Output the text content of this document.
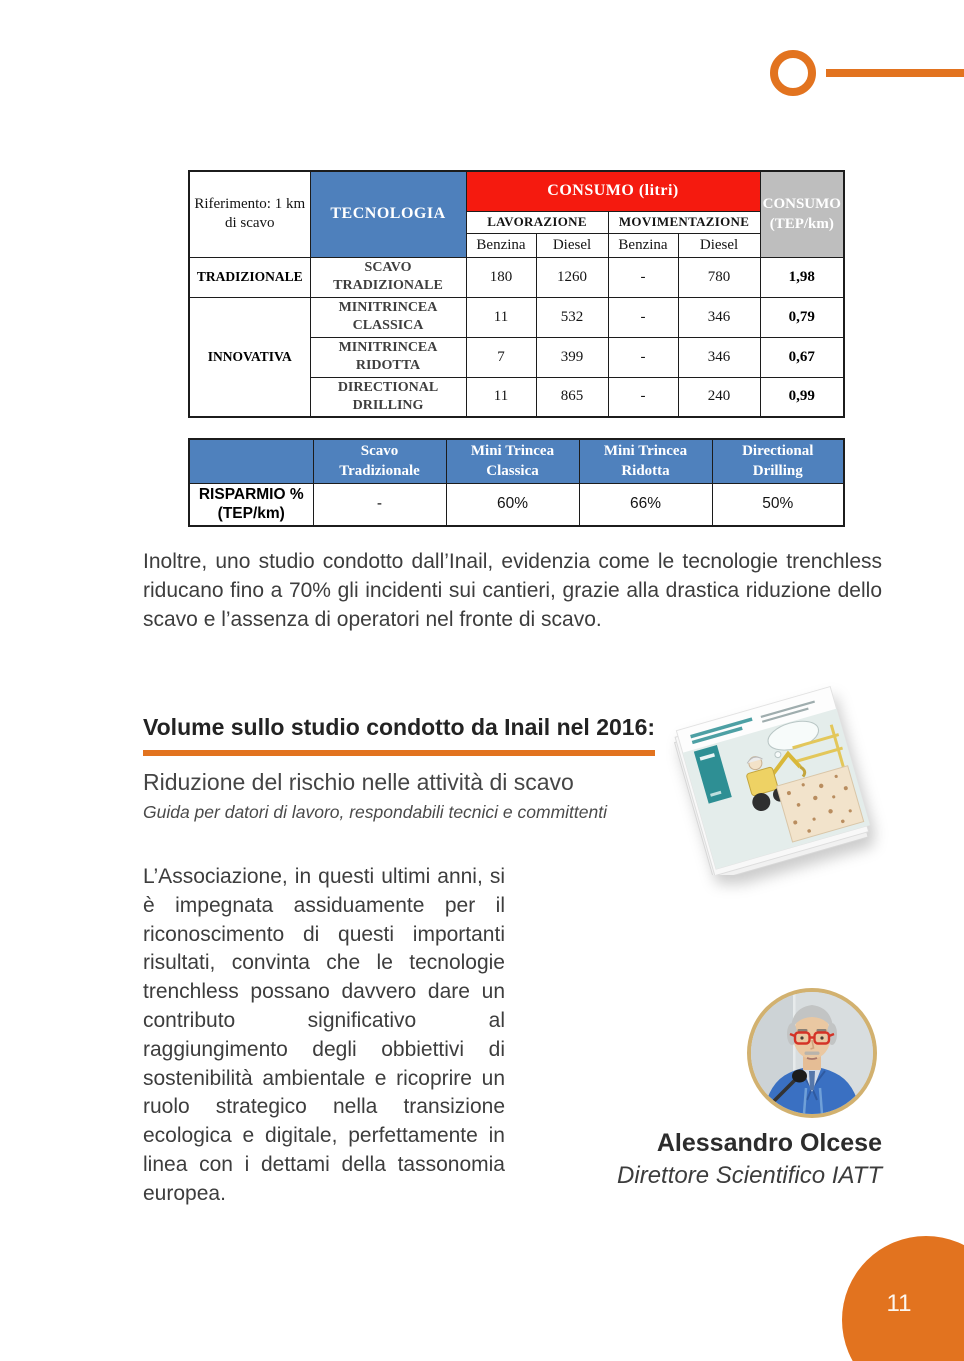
Riferimento: 1 km di scavo	TECNOLOGIA	CONSUMO (litri)				CONSUMO (TEP/km)
		LAVORAZIONE		MOVIMENTAZIONE		
		Benzina	Diesel	Benzina	Diesel	
TRADIZIONALE	SCAVO TRADIZIONALE	180	1260	-	780	1,98
INNOVATIVA	MINITRINCEA CLASSICA	11	532	-	346	0,79
	MINITRINCEA RIDOTTA	7	399	-	346	0,67
	DIRECTIONAL DRILLING	11	865	-	240	0,99
	Scavo Tradizionale	Mini Trincea Classica	Mini Trincea Ridotta	Directional Drilling
RISPARMIO % (TEP/km)	-	60%	66%	50%

Inoltre, uno studio condotto dall’Inail, evidenzia come le tecnologie trenchless riducano fino a 70% gli incidenti sui cantieri, grazie alla drastica riduzione dello scavo e l’assenza di operatori nel fronte di scavo.

Volume sullo studio condotto da Inail nel 2016:
Riduzione del rischio nelle attività di scavo
Guida per datori di lavoro, respondabili tecnici e committenti

L’Associazione, in questi ultimi anni, si è impegnata assiduamente per il riconoscimento di questi importanti risultati, convinta che le tecnologie trenchless possano davvero dare un contributo significativo al raggiungimento degli obbiettivi di sostenibilità ambientale e ricoprire un ruolo strategico nella transizione ecologica e digitale, perfettamente in linea con i dettami della tassonomia europea.

Alessandro Olcese
Direttore Scientifico IATT
11
